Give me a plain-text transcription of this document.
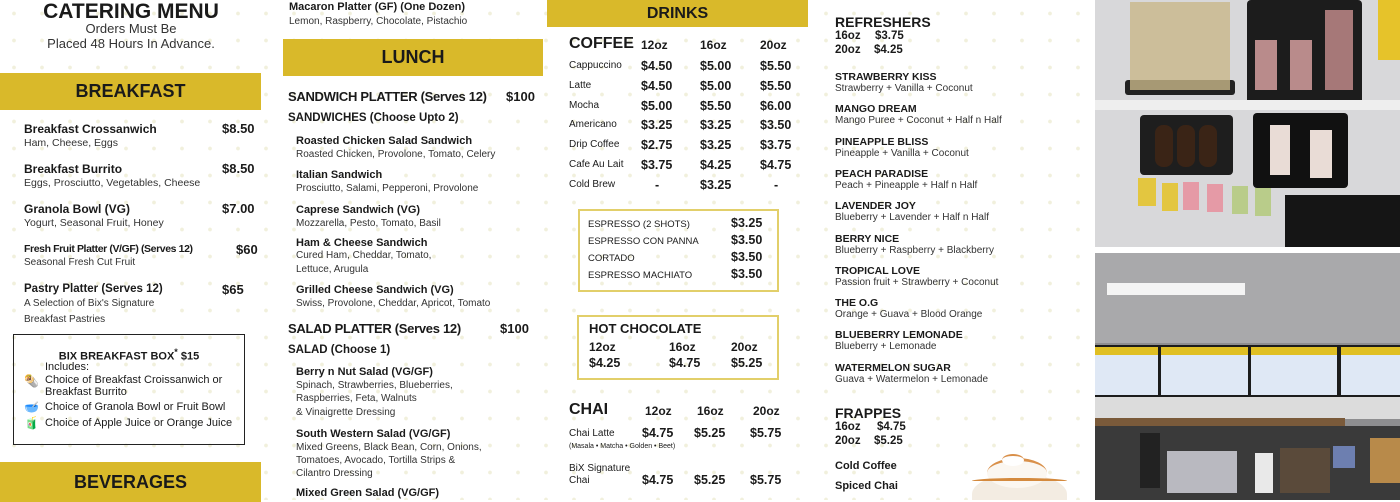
CATERING MENU
Orders Must Be
Placed 48 Hours In Advance.
BREAKFAST
Breakfast Crossanwich	$8.50
Ham, Cheese, Eggs
Breakfast Burrito	$8.50
Eggs, Prosciutto, Vegetables, Cheese
Granola Bowl (VG)	$7.00
Yogurt, Seasonal Fruit, Honey
Fresh Fruit Platter (V/GF) (Serves 12)	$60
Seasonal Fresh Cut Fruit
Pastry Platter (Serves 12)	$65
A Selection of Bix's Signature
Breakfast Pastries
BIX BREAKFAST BOX* $15
Includes:
🌯 Choice of Breakfast Croissanwich or
Breakfast Burrito
🥣 Choice of Granola Bowl or Fruit Bowl
🧃 Choice of Apple Juice or Orange Juice
BEVERAGES
Macaron Platter (GF) (One Dozen)
Lemon, Raspberry, Chocolate, Pistachio
LUNCH
SANDWICH PLATTER (Serves 12) $100
SANDWICHES (Choose Upto 2)
Roasted Chicken Salad Sandwich
Roasted Chicken, Provolone, Tomato, Celery
Italian Sandwich
Prosciutto, Salami, Pepperoni, Provolone
Caprese Sandwich (VG)
Mozzarella, Pesto, Tomato, Basil
Ham & Cheese Sandwich
Cured Ham, Cheddar, Tomato,
Lettuce, Arugula
Grilled Cheese Sandwich (VG)
Swiss, Provolone, Cheddar, Apricot, Tomato
SALAD PLATTER (Serves 12)	$100
SALAD (Choose 1)
Berry n Nut Salad (VG/GF)
Spinach, Strawberries, Blueberries,
Raspberries, Feta, Walnuts
& Vinaigrette Dressing
South Western Salad (VG/GF)
Mixed Greens, Black Bean, Corn, Onions,
Tomatoes, Avocado, Tortilla Strips &
Cilantro Dressing
Mixed Green Salad (VG/GF)
DRINKS
COFFEE 12oz	16oz	20oz
Cappuccino $4.50 $5.00 $5.50
Latte	$4.50 $5.00 $5.50
Mocha	$5.00 $5.50 $6.00
Americano $3.25 $3.25 $3.50
Drip Coffee $2.75 $3.25 $3.75
Cafe Au Lait $3.75 $4.25 $4.75
Cold Brew	-	$3.25	-
ESPRESSO (2 SHOTS)	$3.25
ESPRESSO CON PANNA	$3.50
CORTADO	$3.50
ESPRESSO MACHIATO	$3.50
HOT CHOCOLATE
12oz	16oz	20oz
$4.25	$4.75 $5.25
CHAI	12oz 16oz 20oz
Chai Latte
(Masala • Matcha • Golden • Beet)
$4.75 $5.25 $5.75
BiX Signature
Chai	$4.75 $5.25 $5.75
REFRESHERS
16oz $3.75
20oz $4.25
STRAWBERRY KISS
Strawberry + Vanilla + Coconut
MANGO DREAM
Mango Puree + Coconut + Half n Half
PINEAPPLE BLISS
Pineapple + Vanilla + Coconut
PEACH PARADISE
Peach + Pineapple + Half n Half
LAVENDER JOY
Blueberry + Lavender + Half n Half
BERRY NICE
Blueberry + Raspberry + Blackberry
TROPICAL LOVE
Passion fruit + Strawberry + Coconut
THE O.G
Orange + Guava + Blood Orange
BLUEBERRY LEMONADE
Blueberry + Lemonade
WATERMELON SUGAR
Guava + Watermelon + Lemonade
FRAPPES
16oz $4.75
20oz $5.25
Cold Coffee
Spiced Chai
